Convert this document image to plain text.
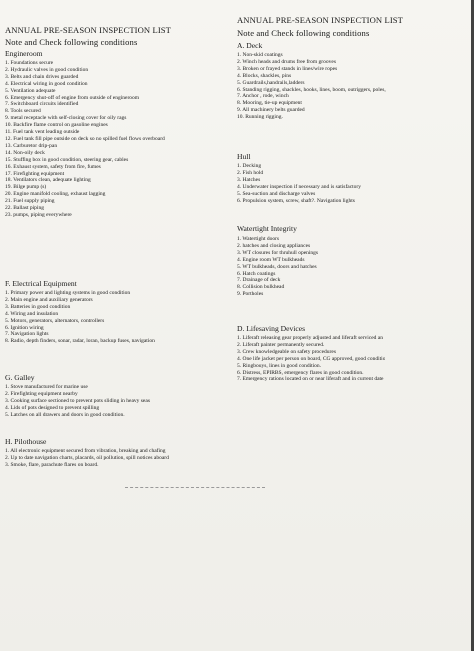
ANNUAL PRE-SEASON INSPECTION LIST
Note and Check following conditions
Engineroom
1. Foundations secure
2. Hydraulic valves in good condition
3. Belts and chain drives guarded
4. Electrical wiring in good condition
5. Ventilation adequate
6. Emergency shut-off of engine from outside of engineroom
7. Switchboard circuits identified
8. Tools secured
9. metal receptacle with self-closing cover for oily rags
10. Backfire flame control on gasoline engines
11. Fuel tank vent leading outside
12. Fuel tank fill pipe outside on deck so no spilled fuel flows overboard
13. Carburetor drip-pan
14. Non-oily deck
15. Stuffing box in good condition, steering gear, cables
16. Exhaust system, safety from fire, fumes
17. Firefighting equipment
18. Ventilators clean, adequate lighting
19. Bilge pump (s)
20. Engine manifold cooling, exhaust lagging
21. Fuel supply piping
22. Ballast piping
23. pumps, piping everywhere
F. Electrical Equipment
1. Primary power and lighting systems in good condition
2. Main engine and auxiliary generators
3. Batteries in good condition
4. Wiring and insulation
5. Motors, generators, alternators, controllers
6. Ignition wiring
7. Navigation lights
8. Radio, depth finders, sonar, radar, loran, backup fuses, navigation
G. Galley
1. Stove manufactured for marine use
2. Firefighting equipment nearby
3. Cooking surface sectioned to prevent pots sliding in heavy seas
4. Lids of pots designed to prevent spilling
5. Latches on all drawers and doors in good condition.
H. Pilothouse
1. All electronic equipment secured from vibration, breaking and chafing
2. Up to date navigation charts, placards, oil pollution, spill notices aboard
3. Smoke, flare, parachute flares on board.
ANNUAL PRE-SEASON INSPECTION LIST
Note and Check following conditions
A. Deck
1. Non-skid coatings
2. Winch heads and drums free from grooves
3. Broken or frayed stands in lines/wire ropes
4. Blocks, shackles, pins
5. Guardrails,handrails,ladders
6. Standing rigging, shackles, hooks, lines, boom, outriggers, poles,
7. Anchor , rode, winch
8. Mooring, tie-up equipment
9. All machinery belts guarded
10. Running rigging.
Hull
1. Decking
2. Fish hold
3. Hatches
4. Underwater inspection if necessary and is satisfactory
5. Sea-suction and discharge valves
6. Propulsion system, screw, shaft?. Navigation lights
Watertight Integrity
1. Watertight doors
2. hatches and closing appliances
3. WT closures for thruhull openings
4. Engine room WT bulkheads
5. WT bulkheads, doors and hatches
6. Hatch coatings
7. Drainage of deck
8. Collision bulkhead
9. Portholes
D. Lifesaving Devices
1. Liferaft releasing gear properly adjusted and liferaft serviced an
2. Liferaft painter permanently secured.
3. Crew knowledgeable on safety procedures
4. One life jacket per person on board, CG approved, good conditio
5. Ringbouys, lines in good condition.
6. Distress, EPIRBS, emergency flares in good condition.
7. Emergency rations located on or near liferaft and in current date
